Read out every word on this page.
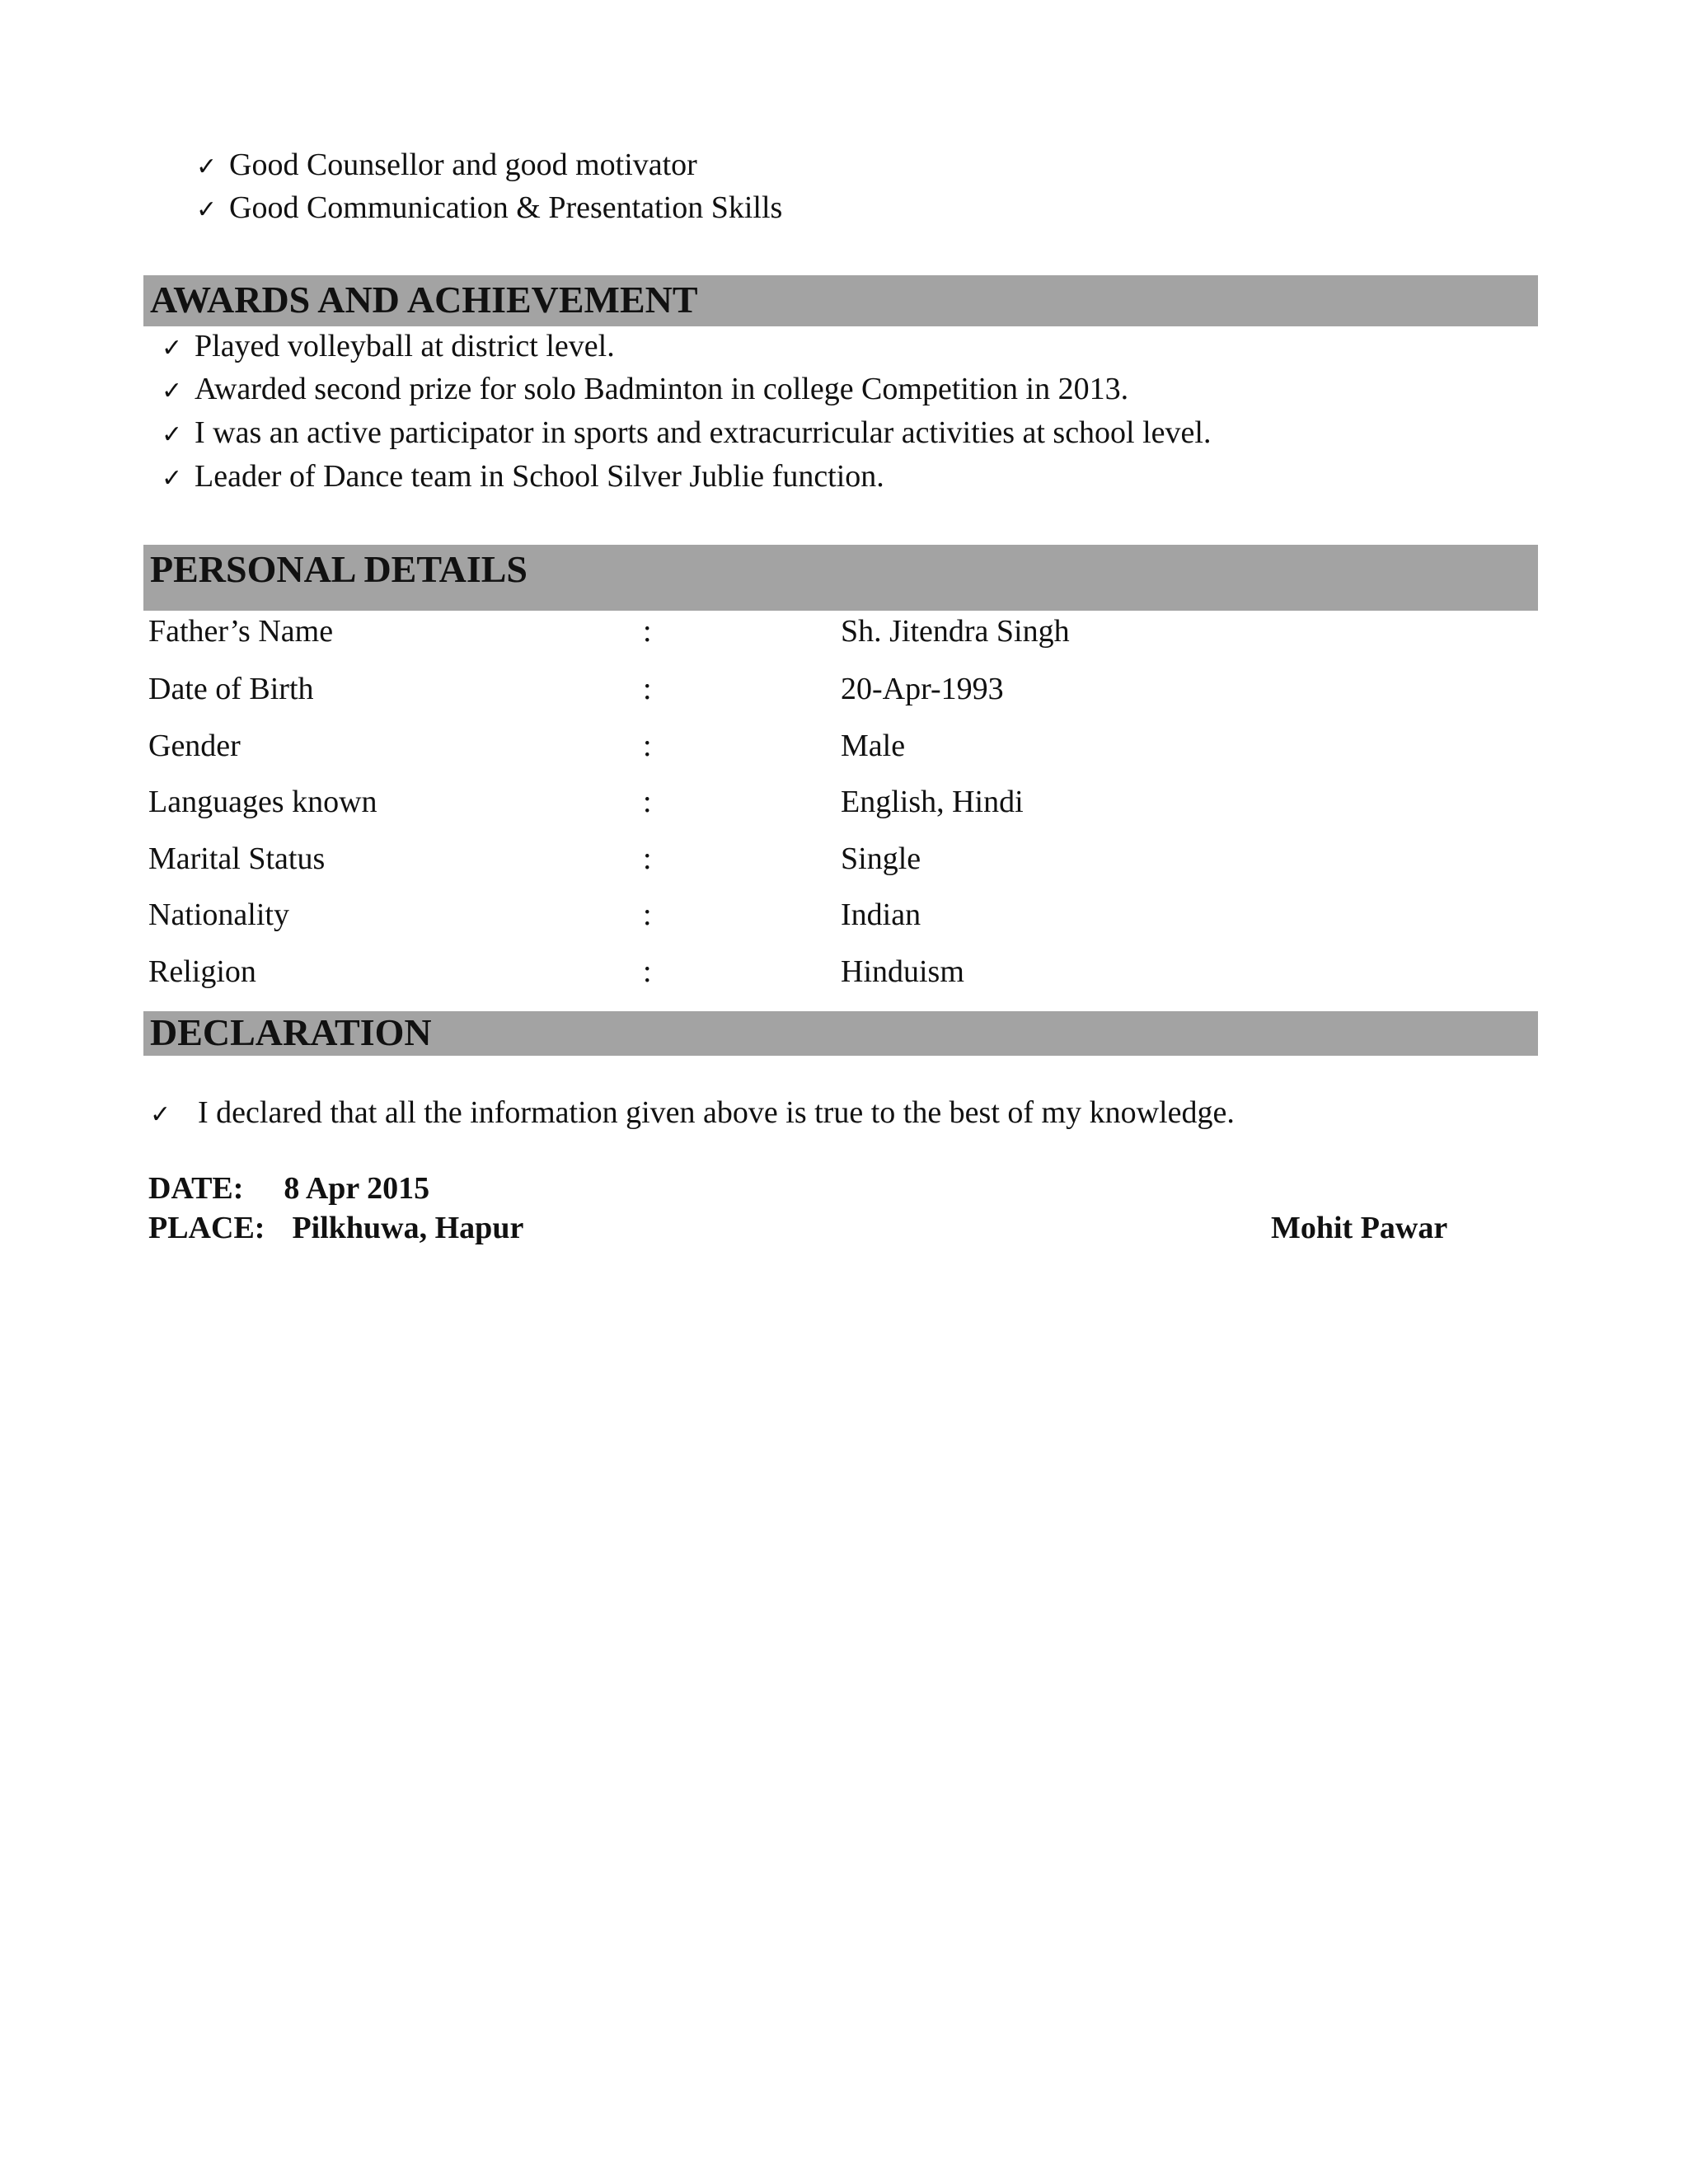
✓ Good Counsellor and good motivator
✓ Good Communication & Presentation Skills
AWARDS AND ACHIEVEMENT
✓ Played volleyball at district level.
✓ Awarded second prize for solo Badminton in college Competition in 2013.
✓ I was an active participator in sports and extracurricular activities at school level.
✓ Leader of Dance team in School Silver Jublie function.
PERSONAL DETAILS
Father’s Name	:	Sh. Jitendra Singh
Date of Birth	:	20-Apr-1993
Gender	:	Male
Languages known	:	English, Hindi
Marital Status	:	Single
Nationality	:	Indian
Religion	:	Hinduism
DECLARATION
✓ I declared that all the information given above is true to the best of my knowledge.
DATE: 8 Apr 2015
PLACE: Pilkhuwa, Hapur	Mohit Pawar
